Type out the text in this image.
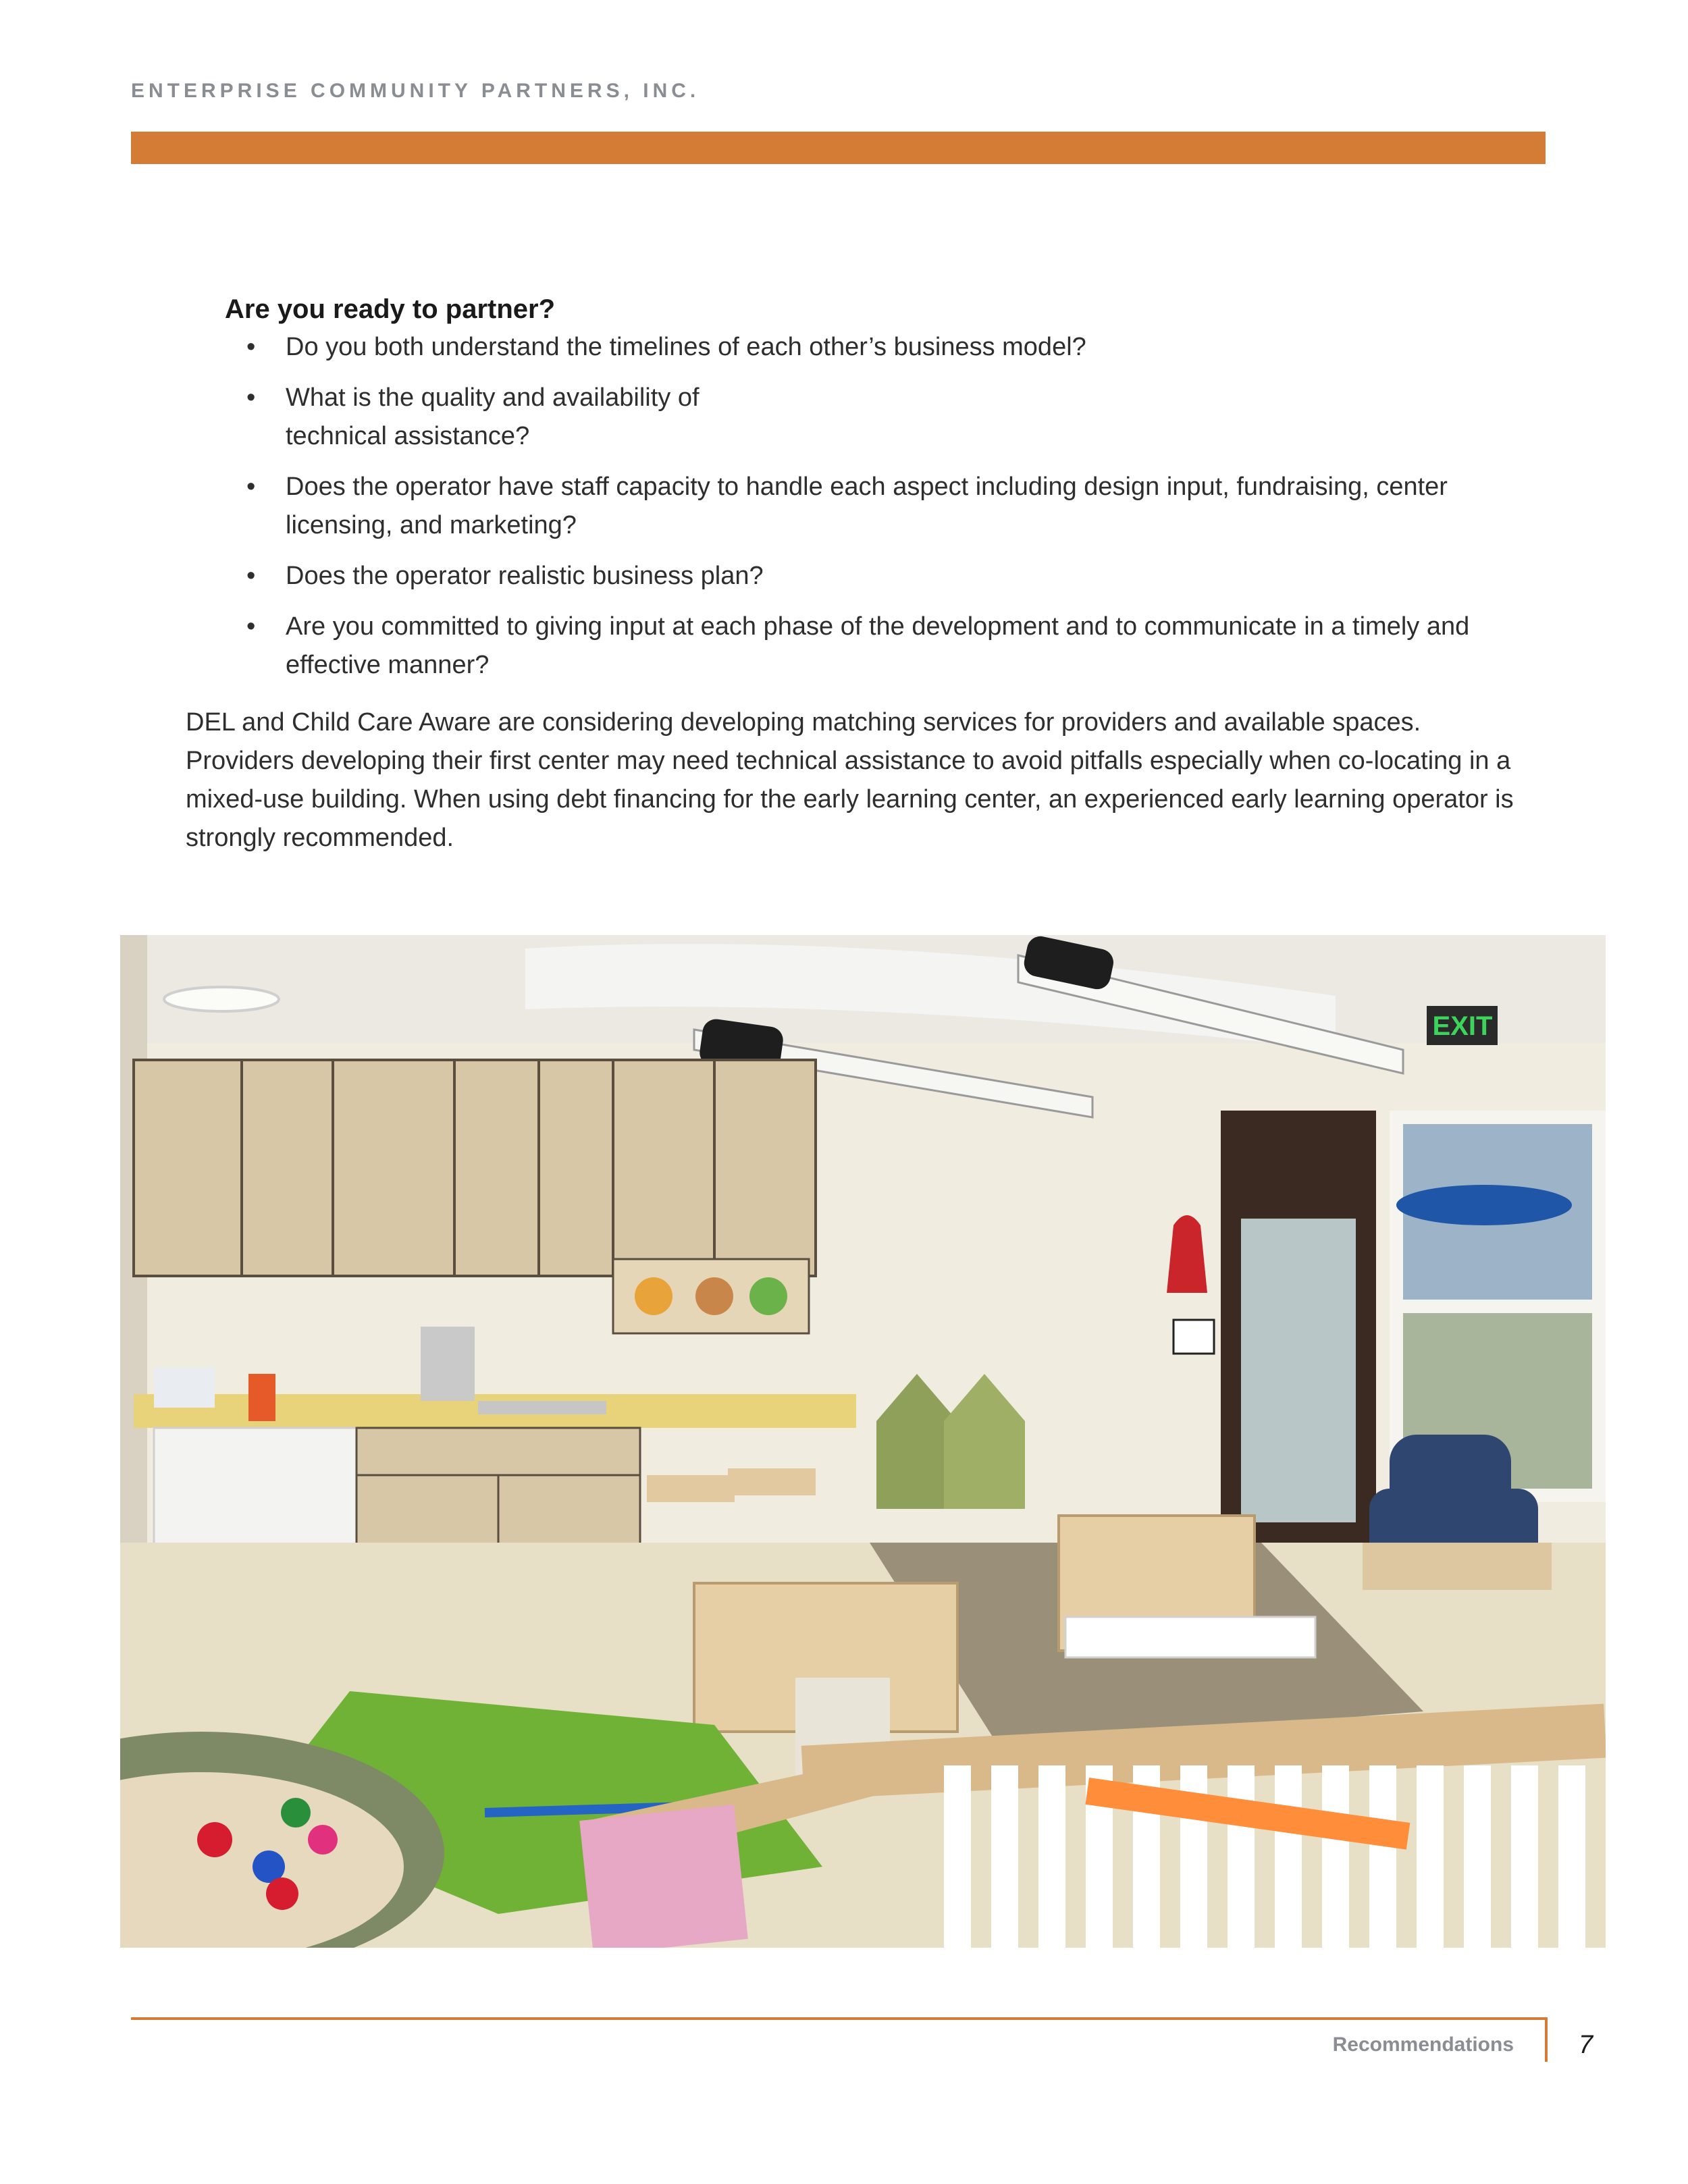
ENTERPRISE COMMUNITY PARTNERS, INC.
Are you ready to partner?
• Do you both understand the timelines of each other’s business model?
• What is the quality and availability of
technical assistance?
• Does the operator have staff capacity to handle each aspect including design input, fundraising, center licensing, and marketing?
• Does the operator realistic business plan?
• Are you committed to giving input at each phase of the development and to communicate in a timely and effective manner?

DEL and Child Care Aware are considering developing matching services for providers and available spaces. Providers developing their first center may need technical assistance to avoid pitfalls especially when co-locating in a mixed-use building. When using debt financing for the early learning center, an experienced early learning operator is strongly recommended.

EXIT
Recommendations	7
